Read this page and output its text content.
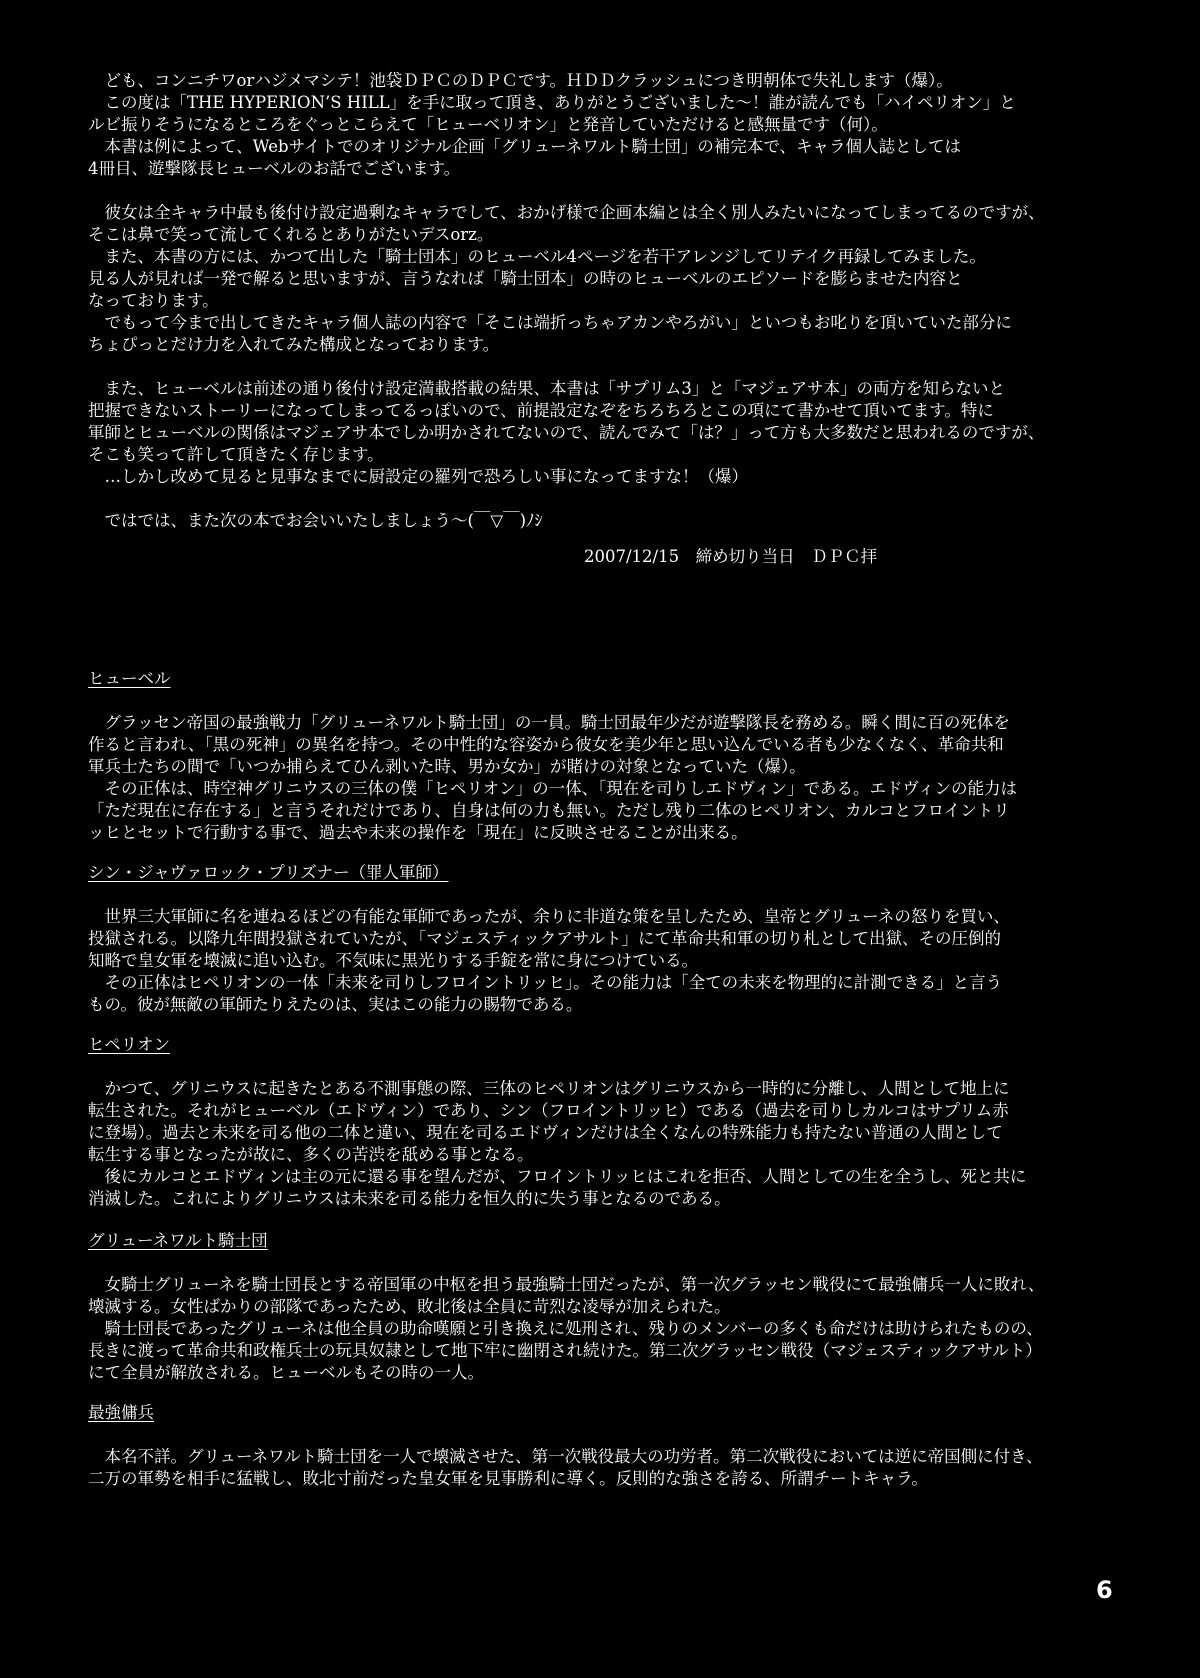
　ども、コンニチワorハジメマシテ！池袋ＤＰＣのＤＰＣです。ＨＤＤクラッシュにつき明朝体で失礼します（爆）。
　この度は「THE HYPERION’S HILL」を手に取って頂き、ありがとうございました〜！誰が読んでも「ハイペリオン」と
ルビ振りそうになるところをぐっとこらえて「ヒューベリオン」と発音していただけると感無量です（何）。
　本書は例によって、Webサイトでのオリジナル企画「グリューネワルト騎士団」の補完本で、キャラ個人誌としては
4冊目、遊撃隊長ヒューベルのお話でございます。
　彼女は全キャラ中最も後付け設定過剰なキャラでして、おかげ様で企画本編とは全く別人みたいになってしまってるのですが、
そこは鼻で笑って流してくれるとありがたいデスorz。
　また、本書の方には、かつて出した「騎士団本」のヒューベル4ページを若干アレンジしてリテイク再録してみました。
見る人が見れば一発で解ると思いますが、言うなれば「騎士団本」の時のヒューベルのエピソードを膨らませた内容と
なっております。
　でもって今まで出してきたキャラ個人誌の内容で「そこは端折っちゃアカンやろがい」といつもお叱りを頂いていた部分に
ちょぴっとだけ力を入れてみた構成となっております。
　また、ヒューベルは前述の通り後付け設定満載搭載の結果、本書は「サプリム3」と「マジェアサ本」の両方を知らないと
把握できないストーリーになってしまってるっぽいので、前提設定なぞをちろちろとこの項にて書かせて頂いてます。特に
軍師とヒューベルの関係はマジェアサ本でしか明かされてないので、読んでみて「は？」って方も大多数だと思われるのですが、
そこも笑って許して頂きたく存じます。
　…しかし改めて見ると見事なまでに厨設定の羅列で恐ろしい事になってますな！（爆）
　ではでは、また次の本でお会いいたしましょう〜(￣▽￣)ﾉｼ
2007/12/15　締め切り当日　ＤＰＣ拝
ヒューベル
　グラッセン帝国の最強戦力「グリューネワルト騎士団」の一員。騎士団最年少だが遊撃隊長を務める。瞬く間に百の死体を
作ると言われ、「黒の死神」の異名を持つ。その中性的な容姿から彼女を美少年と思い込んでいる者も少なくなく、革命共和
軍兵士たちの間で「いつか捕らえてひん剥いた時、男か女か」が賭けの対象となっていた（爆）。
　その正体は、時空神グリニウスの三体の僕「ヒペリオン」の一体、「現在を司りしエドヴィン」である。エドヴィンの能力は
「ただ現在に存在する」と言うそれだけであり、自身は何の力も無い。ただし残り二体のヒペリオン、カルコとフロイントリ
ッヒとセットで行動する事で、過去や未来の操作を「現在」に反映させることが出来る。
シン・ジャヴァロック・プリズナー（罪人軍師）
　世界三大軍師に名を連ねるほどの有能な軍師であったが、余りに非道な策を呈したため、皇帝とグリューネの怒りを買い、
投獄される。以降九年間投獄されていたが、「マジェスティックアサルト」にて革命共和軍の切り札として出獄、その圧倒的
知略で皇女軍を壊滅に追い込む。不気味に黒光りする手錠を常に身につけている。
　その正体はヒペリオンの一体「未来を司りしフロイントリッヒ」。その能力は「全ての未来を物理的に計測できる」と言う
もの。彼が無敵の軍師たりえたのは、実はこの能力の賜物である。
ヒペリオン
　かつて、グリニウスに起きたとある不測事態の際、三体のヒペリオンはグリニウスから一時的に分離し、人間として地上に
転生された。それがヒューベル（エドヴィン）であり、シン（フロイントリッヒ）である（過去を司りしカルコはサプリム赤
に登場）。過去と未来を司る他の二体と違い、現在を司るエドヴィンだけは全くなんの特殊能力も持たない普通の人間として
転生する事となったが故に、多くの苦渋を舐める事となる。
　後にカルコとエドヴィンは主の元に還る事を望んだが、フロイントリッヒはこれを拒否、人間としての生を全うし、死と共に
消滅した。これによりグリニウスは未来を司る能力を恒久的に失う事となるのである。
グリューネワルト騎士団
　女騎士グリューネを騎士団長とする帝国軍の中枢を担う最強騎士団だったが、第一次グラッセン戦役にて最強傭兵一人に敗れ、
壊滅する。女性ばかりの部隊であったため、敗北後は全員に苛烈な凌辱が加えられた。
　騎士団長であったグリューネは他全員の助命嘆願と引き換えに処刑され、残りのメンバーの多くも命だけは助けられたものの、
長きに渡って革命共和政権兵士の玩具奴隷として地下牢に幽閉され続けた。第二次グラッセン戦役（マジェスティックアサルト）
にて全員が解放される。ヒューベルもその時の一人。
最強傭兵
　本名不詳。グリューネワルト騎士団を一人で壊滅させた、第一次戦役最大の功労者。第二次戦役においては逆に帝国側に付き、
二万の軍勢を相手に猛戦し、敗北寸前だった皇女軍を見事勝利に導く。反則的な強さを誇る、所謂チートキャラ。
6
